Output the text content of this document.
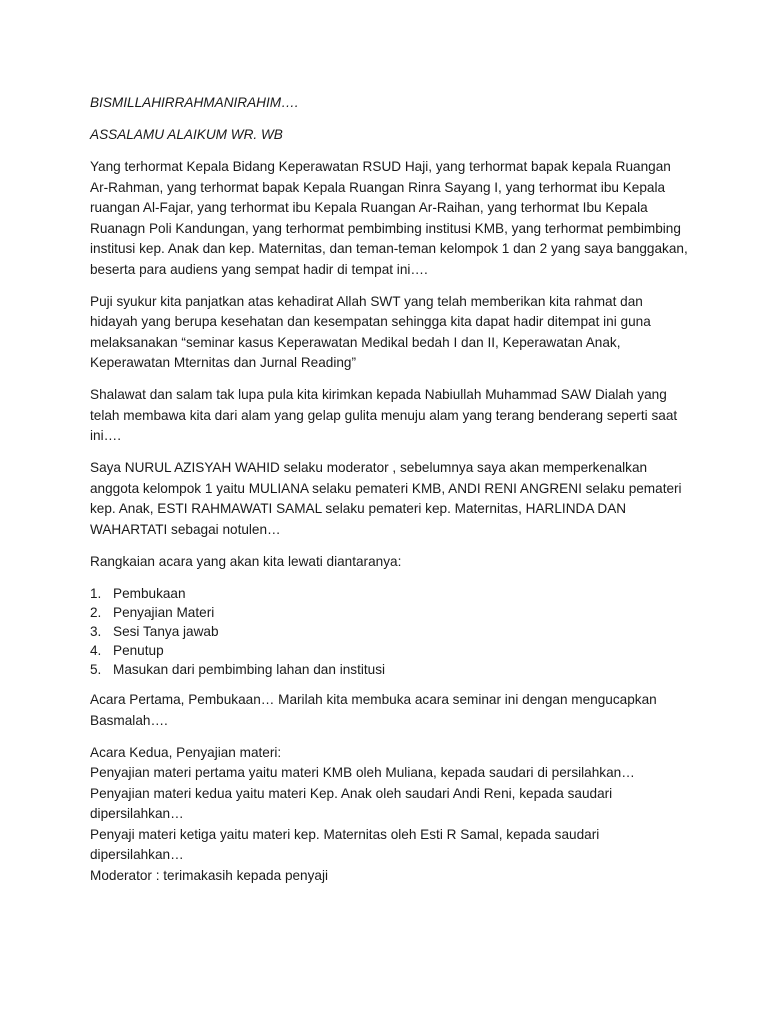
BISMILLAHIRRAHMANIRAHIM….

ASSALAMU ALAIKUM WR. WB

Yang terhormat Kepala Bidang Keperawatan RSUD Haji, yang terhormat bapak kepala Ruangan Ar-Rahman, yang terhormat bapak Kepala Ruangan Rinra Sayang I, yang terhormat ibu Kepala ruangan Al-Fajar, yang terhormat ibu Kepala Ruangan Ar-Raihan, yang terhormat Ibu Kepala Ruanagn Poli Kandungan, yang terhormat pembimbing institusi KMB, yang terhormat pembimbing institusi kep. Anak dan kep. Maternitas, dan teman-teman kelompok 1 dan 2 yang saya banggakan, beserta para audiens yang sempat hadir di tempat ini….

Puji syukur kita panjatkan atas kehadirat Allah SWT yang telah memberikan kita rahmat dan hidayah yang berupa kesehatan dan kesempatan sehingga kita dapat hadir ditempat ini guna melaksanakan “seminar kasus Keperawatan Medikal bedah I dan II, Keperawatan Anak, Keperawatan Mternitas dan Jurnal Reading”

Shalawat dan salam tak lupa pula kita kirimkan kepada Nabiullah Muhammad SAW Dialah yang telah membawa kita dari alam yang gelap gulita menuju alam yang terang benderang seperti saat ini….

Saya NURUL AZISYAH WAHID selaku moderator , sebelumnya saya akan memperkenalkan anggota kelompok 1 yaitu MULIANA selaku pemateri KMB, ANDI RENI ANGRENI selaku pemateri kep. Anak, ESTI RAHMAWATI SAMAL selaku pemateri kep. Maternitas, HARLINDA DAN WAHARTATI sebagai notulen…

Rangkaian acara yang akan kita lewati diantaranya:

1. Pembukaan
2. Penyajian Materi
3. Sesi Tanya jawab
4. Penutup
5. Masukan dari pembimbing lahan dan institusi

Acara Pertama, Pembukaan… Marilah kita membuka acara seminar ini dengan mengucapkan Basmalah….

Acara Kedua, Penyajian materi:

Penyajian materi pertama yaitu materi KMB oleh Muliana, kepada saudari di persilahkan…

Penyajian materi kedua yaitu materi Kep. Anak oleh saudari Andi Reni, kepada saudari dipersilahkan…

Penyaji materi ketiga yaitu materi kep. Maternitas oleh Esti R Samal, kepada saudari dipersilahkan…

Moderator : terimakasih kepada penyaji
